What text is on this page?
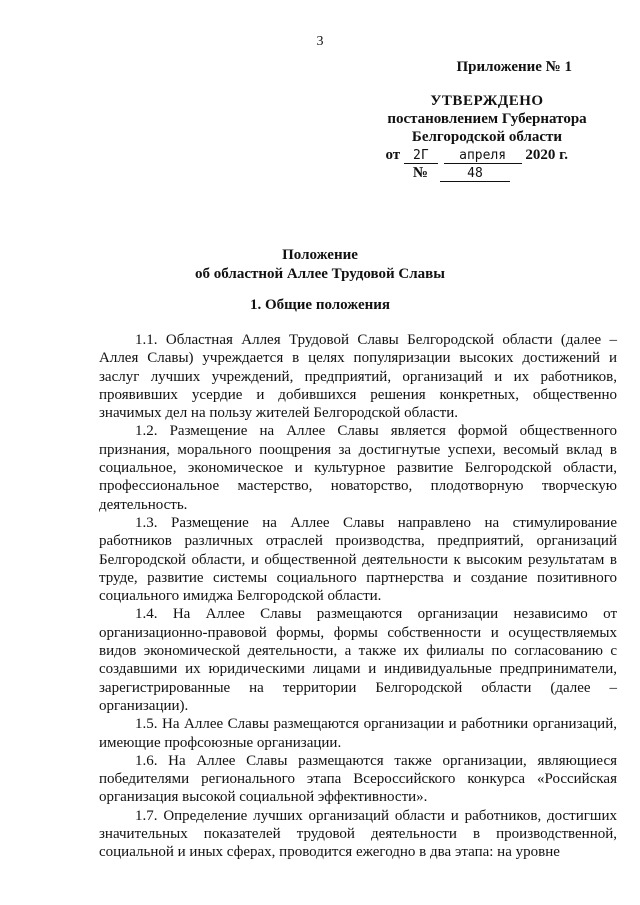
3
Приложение № 1
УТВЕРЖДЕНО
постановлением Губернатора
Белгородской области
от 2Г апреля 2020 г.
№	48
Положение
об областной Аллее Трудовой Славы
1. Общие положения

1.1. Областная Аллея Трудовой Славы Белгородской области (далее – Аллея Славы) учреждается в целях популяризации высоких достижений и заслуг лучших учреждений, предприятий, организаций и их работников, проявивших усердие и добившихся решения конкретных, общественно значимых дел на пользу жителей Белгородской области.

1.2. Размещение на Аллее Славы является формой общественного признания, морального поощрения за достигнутые успехи, весомый вклад в социальное, экономическое и культурное развитие Белгородской области, профессиональное мастерство, новаторство, плодотворную творческую деятельность.

1.3. Размещение на Аллее Славы направлено на стимулирование работников различных отраслей производства, предприятий, организаций Белгородской области, и общественной деятельности к высоким результатам в труде, развитие системы социального партнерства и создание позитивного социального имиджа Белгородской области.

1.4. На Аллее Славы размещаются организации независимо от организационно-правовой формы, формы собственности и осуществляемых видов экономической деятельности, а также их филиалы по согласованию с создавшими их юридическими лицами и индивидуальные предприниматели, зарегистрированные на территории Белгородской области (далее – организации).

1.5. На Аллее Славы размещаются организации и работники организаций, имеющие профсоюзные организации.

1.6. На Аллее Славы размещаются также организации, являющиеся победителями регионального этапа Всероссийского конкурса «Российская организация высокой социальной эффективности».

1.7. Определение лучших организаций области и работников, достигших значительных показателей трудовой деятельности в производственной, социальной и иных сферах, проводится ежегодно в два этапа: на уровне
